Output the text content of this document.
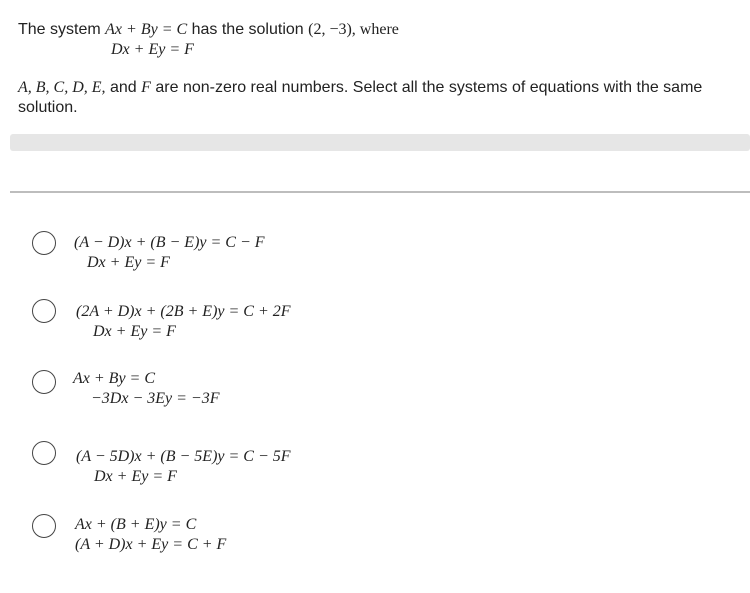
The system Ax + By = C has the solution (2, −3), where
Dx + Ey = F
A, B, C, D, E, and F are non-zero real numbers. Select all the systems of equations with the same solution.
(A − D)x + (B − E)y = C − F
Dx + Ey = F
(2A + D)x + (2B + E)y = C + 2F
Dx + Ey = F
Ax + By = C
−3Dx − 3Ey = −3F
(A − 5D)x + (B − 5E)y = C − 5F
Dx + Ey = F
Ax + (B + E)y = C
(A + D)x + Ey = C + F
